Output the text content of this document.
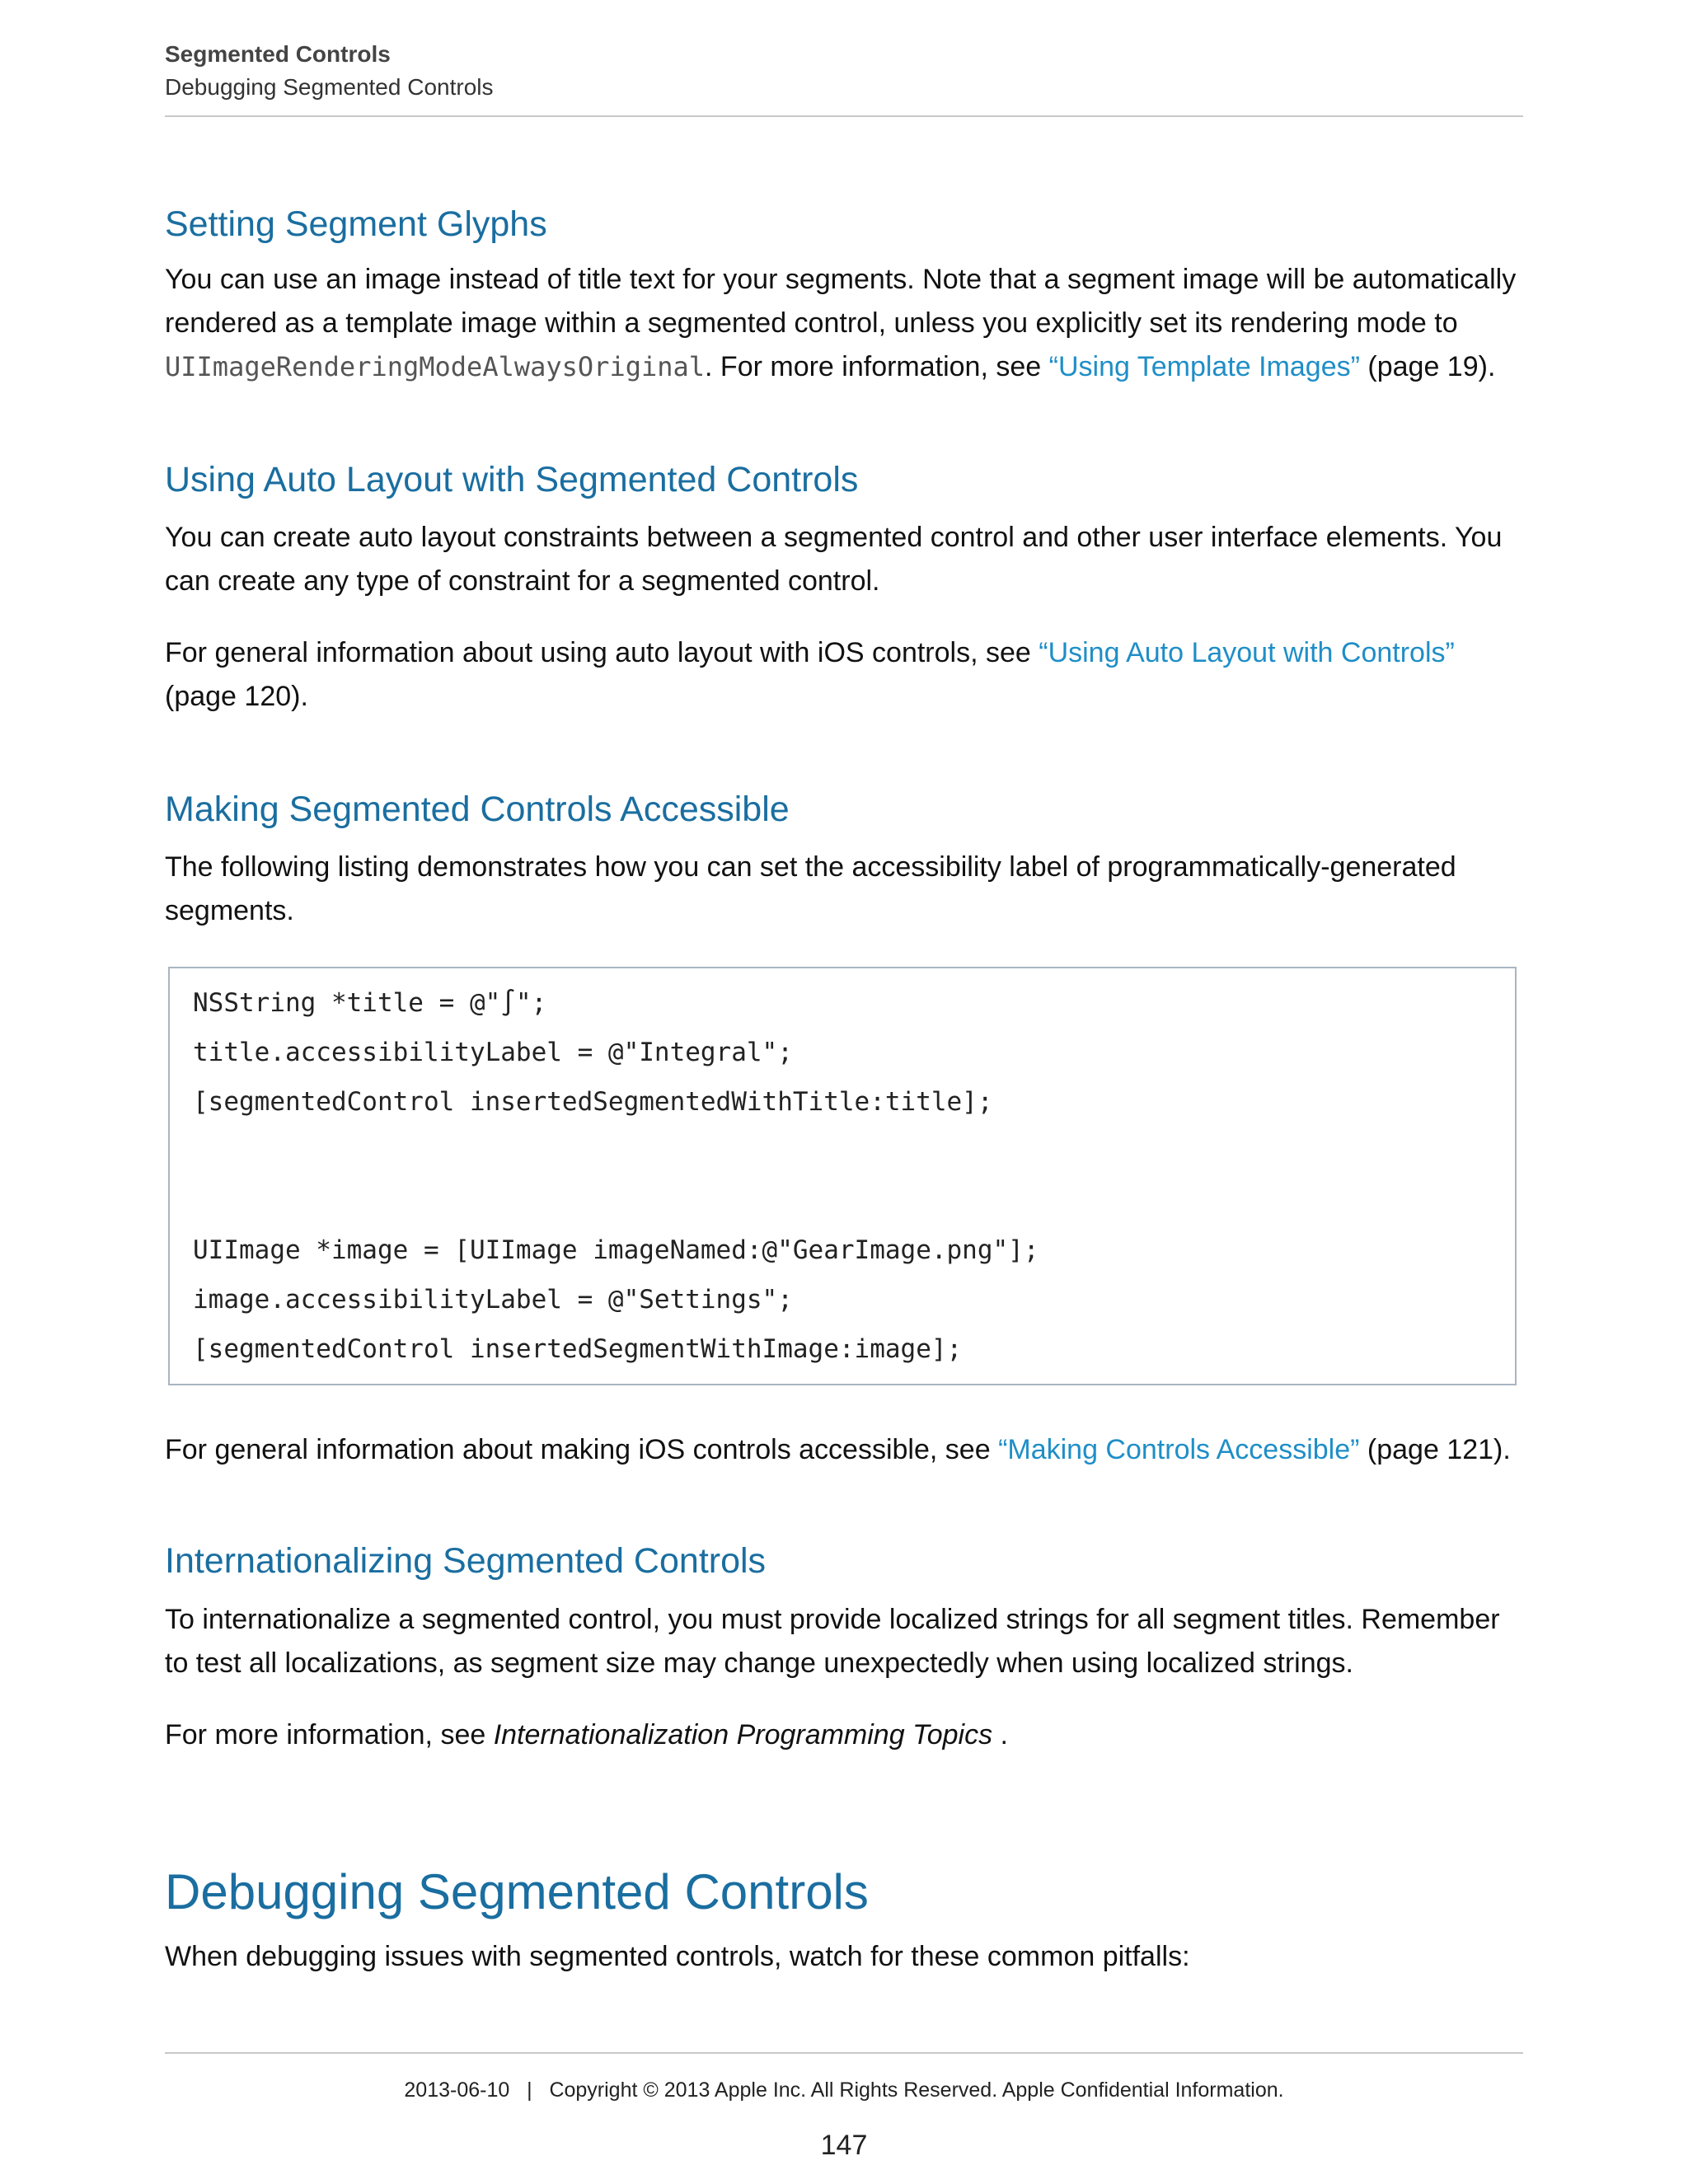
Segmented Controls
Debugging Segmented Controls
Setting Segment Glyphs
You can use an image instead of title text for your segments. Note that a segment image will be automatically rendered as a template image within a segmented control, unless you explicitly set its rendering mode to UIImageRenderingModeAlwaysOriginal. For more information, see “Using Template Images” (page 19).
Using Auto Layout with Segmented Controls
You can create auto layout constraints between a segmented control and other user interface elements. You can create any type of constraint for a segmented control.
For general information about using auto layout with iOS controls, see “Using Auto Layout with Controls” (page 120).
Making Segmented Controls Accessible
The following listing demonstrates how you can set the accessibility label of programmatically-generated segments.
NSString *title = @"∫";
title.accessibilityLabel = @"Integral";
[segmentedControl insertedSegmentedWithTitle:title];
UIImage *image = [UIImage imageNamed:@"GearImage.png"];
image.accessibilityLabel = @"Settings";
[segmentedControl insertedSegmentWithImage:image];
For general information about making iOS controls accessible, see “Making Controls Accessible” (page 121).
Internationalizing Segmented Controls
To internationalize a segmented control, you must provide localized strings for all segment titles. Remember to test all localizations, as segment size may change unexpectedly when using localized strings.
For more information, see Internationalization Programming Topics .
Debugging Segmented Controls
When debugging issues with segmented controls, watch for these common pitfalls:
2013-06-10   |   Copyright © 2013 Apple Inc. All Rights Reserved. Apple Confidential Information.
147
